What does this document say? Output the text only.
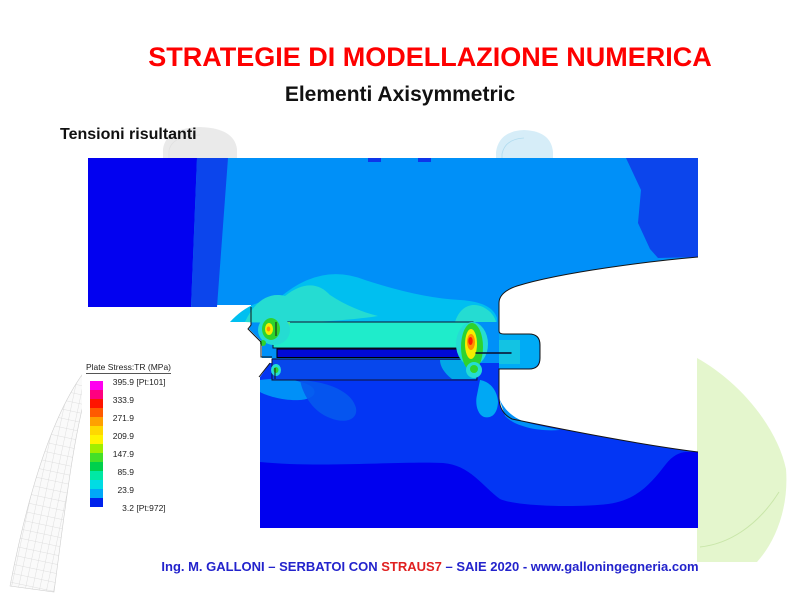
STRATEGIE DI MODELLAZIONE NUMERICA
Elementi Axisymmetric
Tensioni risultanti
Plate Stress:TR (MPa)
395.9 [Pt:101]
333.9
271.9
209.9
147.9
85.9
23.9
3.2 [Pt:972]
Ing. M. GALLONI – SERBATOI CON STRAUS7 – SAIE 2020 - www.galloningegneria.com
